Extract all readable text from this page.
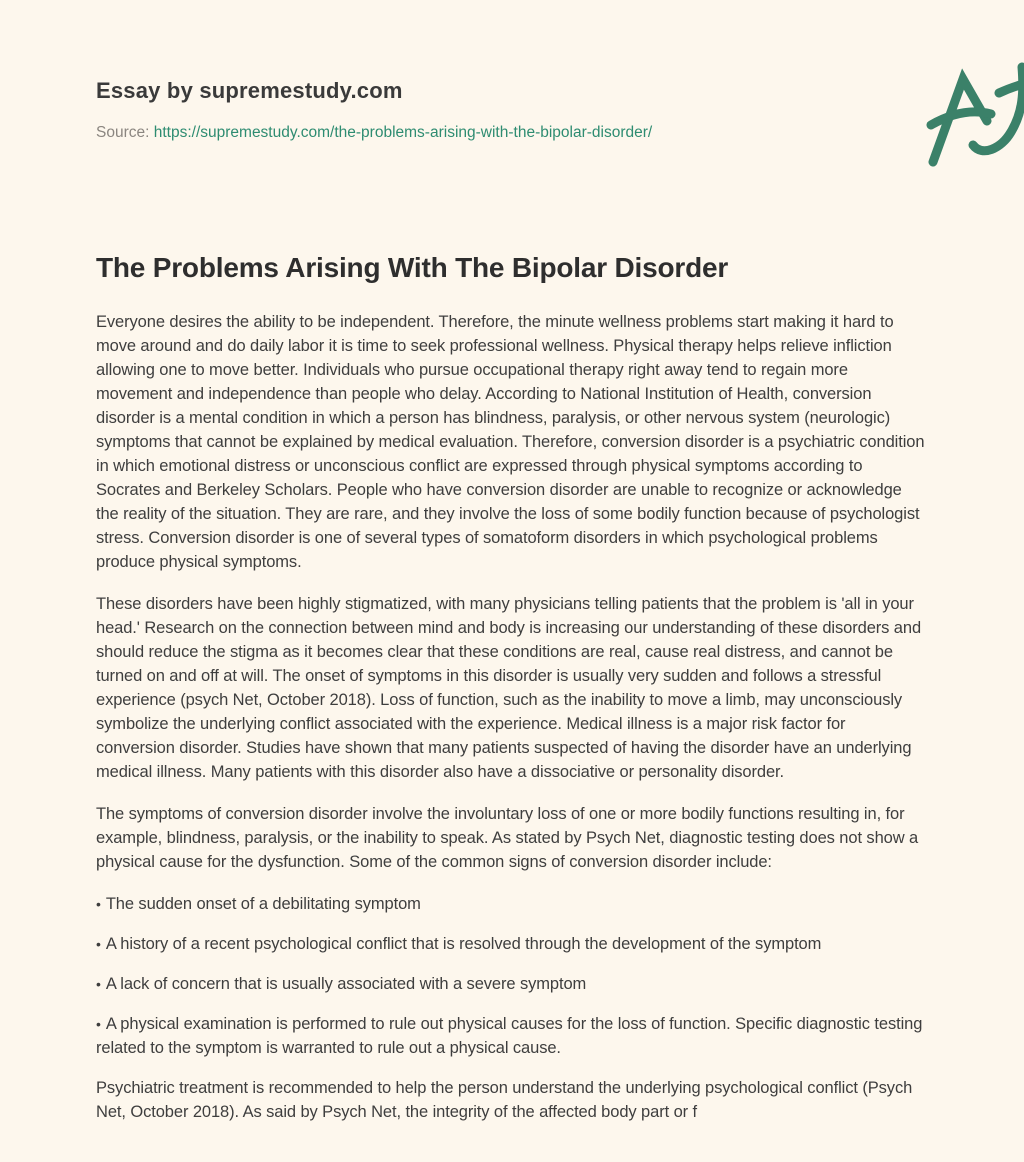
Essay by supremestudy.com
Source: https://supremestudy.com/the-problems-arising-with-the-bipolar-disorder/
The Problems Arising With The Bipolar Disorder

Everyone desires the ability to be independent. Therefore, the minute wellness problems start making it hard to move around and do daily labor it is time to seek professional wellness. Physical therapy helps relieve infliction allowing one to move better. Individuals who pursue occupational therapy right away tend to regain more movement and independence than people who delay. According to National Institution of Health, conversion disorder is a mental condition in which a person has blindness, paralysis, or other nervous system (neurologic) symptoms that cannot be explained by medical evaluation. Therefore, conversion disorder is a psychiatric condition in which emotional distress or unconscious conflict are expressed through physical symptoms according to Socrates and Berkeley Scholars. People who have conversion disorder are unable to recognize or acknowledge the reality of the situation. They are rare, and they involve the loss of some bodily function because of psychologist stress. Conversion disorder is one of several types of somatoform disorders in which psychological problems produce physical symptoms.

These disorders have been highly stigmatized, with many physicians telling patients that the problem is 'all in your head.' Research on the connection between mind and body is increasing our understanding of these disorders and should reduce the stigma as it becomes clear that these conditions are real, cause real distress, and cannot be turned on and off at will. The onset of symptoms in this disorder is usually very sudden and follows a stressful experience (psych Net, October 2018). Loss of function, such as the inability to move a limb, may unconsciously symbolize the underlying conflict associated with the experience. Medical illness is a major risk factor for conversion disorder. Studies have shown that many patients suspected of having the disorder have an underlying medical illness. Many patients with this disorder also have a dissociative or personality disorder.

The symptoms of conversion disorder involve the involuntary loss of one or more bodily functions resulting in, for example, blindness, paralysis, or the inability to speak. As stated by Psych Net, diagnostic testing does not show a physical cause for the dysfunction. Some of the common signs of conversion disorder include:

• The sudden onset of a debilitating symptom

• A history of a recent psychological conflict that is resolved through the development of the symptom

• A lack of concern that is usually associated with a severe symptom

• A physical examination is performed to rule out physical causes for the loss of function. Specific diagnostic testing related to the symptom is warranted to rule out a physical cause.

Psychiatric treatment is recommended to help the person understand the underlying psychological conflict (Psych Net, October 2018). As said by Psych Net, the integrity of the affected body part or f
